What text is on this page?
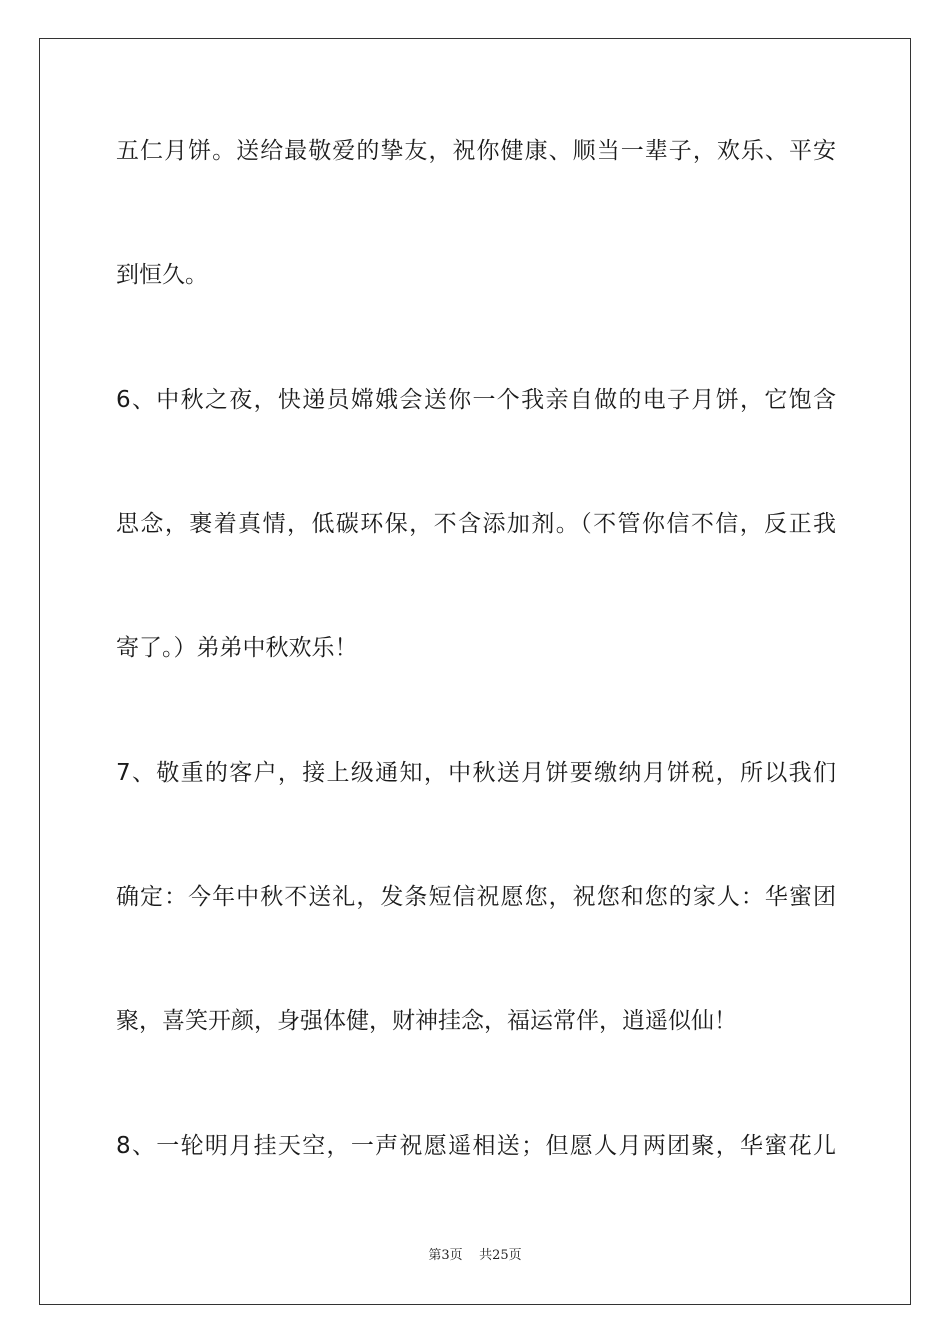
五仁月饼。送给最敬爱的挚友，祝你健康、顺当一辈子，欢乐、平安
到恒久。
6、中秋之夜，快递员嫦娥会送你一个我亲自做的电子月饼，它饱含
思念，裹着真情，低碳环保，不含添加剂。（不管你信不信，反正我
寄了。）弟弟中秋欢乐！
7、敬重的客户，接上级通知，中秋送月饼要缴纳月饼税，所以我们
确定：今年中秋不送礼，发条短信祝愿您，祝您和您的家人：华蜜团
聚，喜笑开颜，身强体健，财神挂念，福运常伴，逍遥似仙！
8、一轮明月挂天空，一声祝愿遥相送；但愿人月两团聚，华蜜花儿
第3页 共25页
